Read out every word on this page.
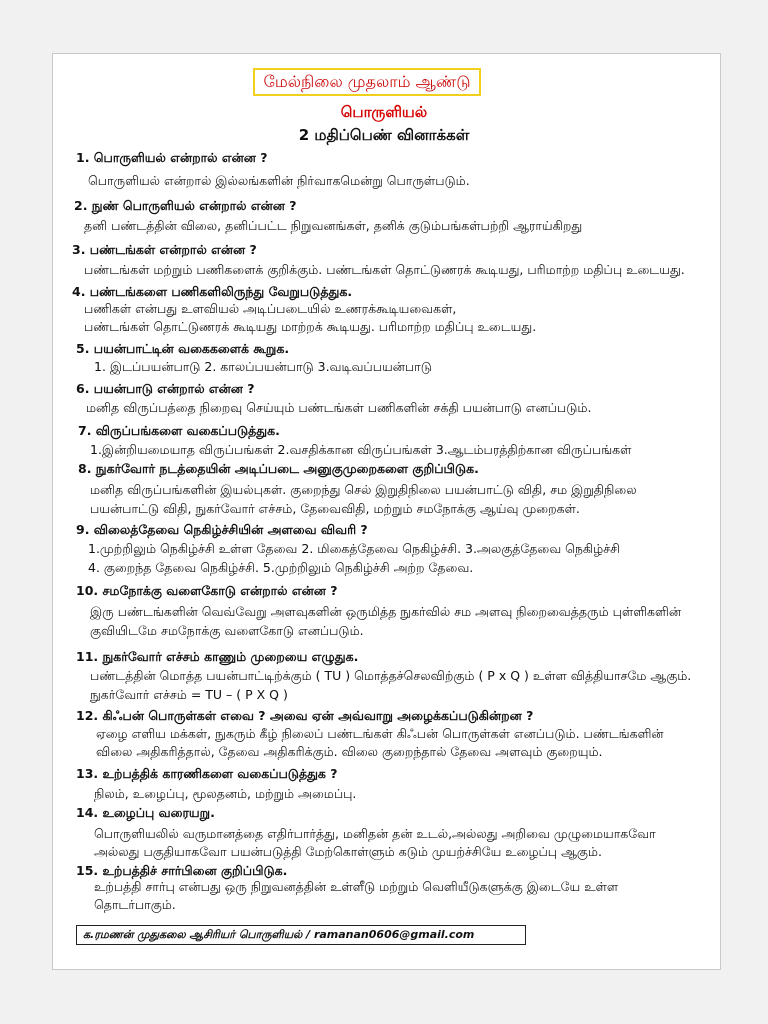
மேல்நிலை முதலாம் ஆண்டு
பொருளியல்
2 மதிப்பெண் வினாக்கள்
1. பொருளியல் என்றால் என்ன ?
பொருளியல் என்றால் இல்லங்களின் நிர்வாகமென்று பொருள்படும்.
2. நுண் பொருளியல் என்றால் என்ன ?
தனி பண்டத்தின் விலை, தனிப்பட்ட நிறுவனங்கள், தனிக் குடும்பங்கள்பற்றி ஆராய்கிறது
3. பண்டங்கள் என்றால் என்ன ?
பண்டங்கள் மற்றும் பணிகளைக் குறிக்கும். பண்டங்கள் தொட்டுணரக் கூடியது, பரிமாற்ற மதிப்பு உடையது.
4. பண்டங்களை பணிகளிலிருந்து வேறுபடுத்துக.
பணிகள் என்பது உளவியல் அடிப்படையில் உணரக்கூடியவைகள்,
பண்டங்கள் தொட்டுணரக் கூடியது மாற்றக் கூடியது. பரிமாற்ற மதிப்பு உடையது.
5. பயன்பாட்டின் வகைகளைக் கூறுக.
1. இடப்பயன்பாடு 2. காலப்பயன்பாடு 3.வடிவப்பயன்பாடு
6. பயன்பாடு என்றால் என்ன ?
மனித விருப்பத்தை நிறைவு செய்யும் பண்டங்கள் பணிகளின் சக்தி பயன்பாடு எனப்படும்.
7. விருப்பங்களை வகைப்படுத்துக.
1.இன்றியமையாத விருப்பங்கள் 2.வசதிக்கான விருப்பங்கள் 3.ஆடம்பரத்திற்கான விருப்பங்கள்
8. நுகர்வோர் நடத்தையின் அடிப்படை அனுகுமுறைகளை குறிப்பிடுக.
மனித விருப்பங்களின் இயல்புகள். குறைந்து செல் இறுதிநிலை பயன்பாட்டு விதி, சம இறுதிநிலை
பயன்பாட்டு விதி, நுகர்வோர் எச்சம், தேவைவிதி, மற்றும் சமநோக்கு ஆய்வு முறைகள்.
9. விலைத்தேவை நெகிழ்ச்சியின் அளவை விவரி ?
1.முற்றிலும் நெகிழ்ச்சி உள்ள தேவை 2. மிகைத்தேவை நெகிழ்ச்சி. 3.அலகுத்தேவை நெகிழ்ச்சி
4. குறைந்த தேவை நெகிழ்ச்சி. 5.முற்றிலும் நெகிழ்ச்சி அற்ற தேவை.
10. சமநோக்கு வளைகோடு என்றால் என்ன ?
இரு பண்டங்களின் வெவ்வேறு அளவுகளின் ஒருமித்த நுகர்வில் சம அளவு நிறைவைத்தரும் புள்ளிகளின்
குவியிடமே சமநோக்கு வளைகோடு எனப்படும்.
11. நுகர்வோர் எச்சம் காணும் முறையை எழுதுக.
பண்டத்தின் மொத்த பயன்பாட்டிற்க்கும் ( TU ) மொத்தச்செலவிற்கும் ( P x Q ) உள்ள வித்தியாசமே ஆகும்.
நுகர்வோர் எச்சம் = TU – ( P X Q )
12. கிஃபன் பொருள்கள் எவை ? அவை ஏன் அவ்வாறு அழைக்கப்படுகின்றன ?
ஏழை எளிய மக்கள், நுகரும் கீழ் நிலைப் பண்டங்கள் கிஃபன் பொருள்கள் எனப்படும். பண்டங்களின்
விலை அதிகரித்தால், தேவை அதிகரிக்கும். விலை குறைந்தால் தேவை அளவும் குறையும்.
13. உற்பத்திக் காரணிகளை வகைப்படுத்துக ?
நிலம், உழைப்பு, மூலதனம், மற்றும் அமைப்பு.
14. உழைப்பு வரையறு.
பொருளியலில் வருமானத்தை எதிர்பார்த்து, மனிதன் தன் உடல்,அல்லது அறிவை முழுமையாகவோ
அல்லது பகுதியாகவோ பயன்படுத்தி மேற்கொள்ளும் கடும் முயற்ச்சியே உழைப்பு ஆகும்.
15. உற்பத்திச் சார்பினை குறிப்பிடுக.
உற்பத்தி சார்பு என்பது ஒரு நிறுவனத்தின் உள்ளீடு மற்றும் வெளியீடுகளுக்கு இடையே உள்ள
தொடர்பாகும்.
க.ரமணன் முதுகலை ஆசிரியர் பொருளியல் / ramanan0606@gmail.com
